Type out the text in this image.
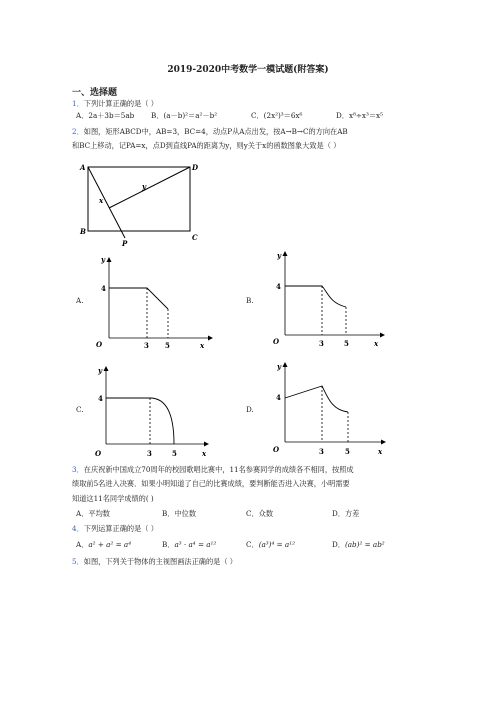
2019-2020中考数学一模试题(附答案)
一、选择题
1．下列计算正确的是（ ）
A．2a＋3b＝5ab B．(a－b)²＝a²－b²	C．(2x²)³＝6x⁶	D．x⁸÷x³＝x⁵
2．如图，矩形ABCD中，AB=3，BC=4，动点P从A点出发，按A→B→C的方向在AB
和BC上移动，记PA=x，点D到直线PA的距离为y，则y关于x的函数图象大致是（ ）
A	D
B
C
P
x
y
A.	B.
C.	D.
y
4
O	3 5	x
y
4
O	3	5	x
y
4
O	3	5	x
y
4
O	3	5	x
3．在庆祝新中国成立70周年的校园歌唱比赛中，11名参赛同学的成绩各不相同，按照成
绩取前5名进入决赛．如果小明知道了自己的比赛成绩，要判断能否进入决赛，小明需要
知道这11名同学成绩的( )
A．平均数	B．中位数	C．众数	D．方差
4．下列运算正确的是（ ）
A．a² + a² = a⁴	B．a³ · a⁴ = a¹²	C．(a³)⁴ = a¹²	D．(ab)² = ab²
5．如图，下列关于物体的主视图画法正确的是（ ）
